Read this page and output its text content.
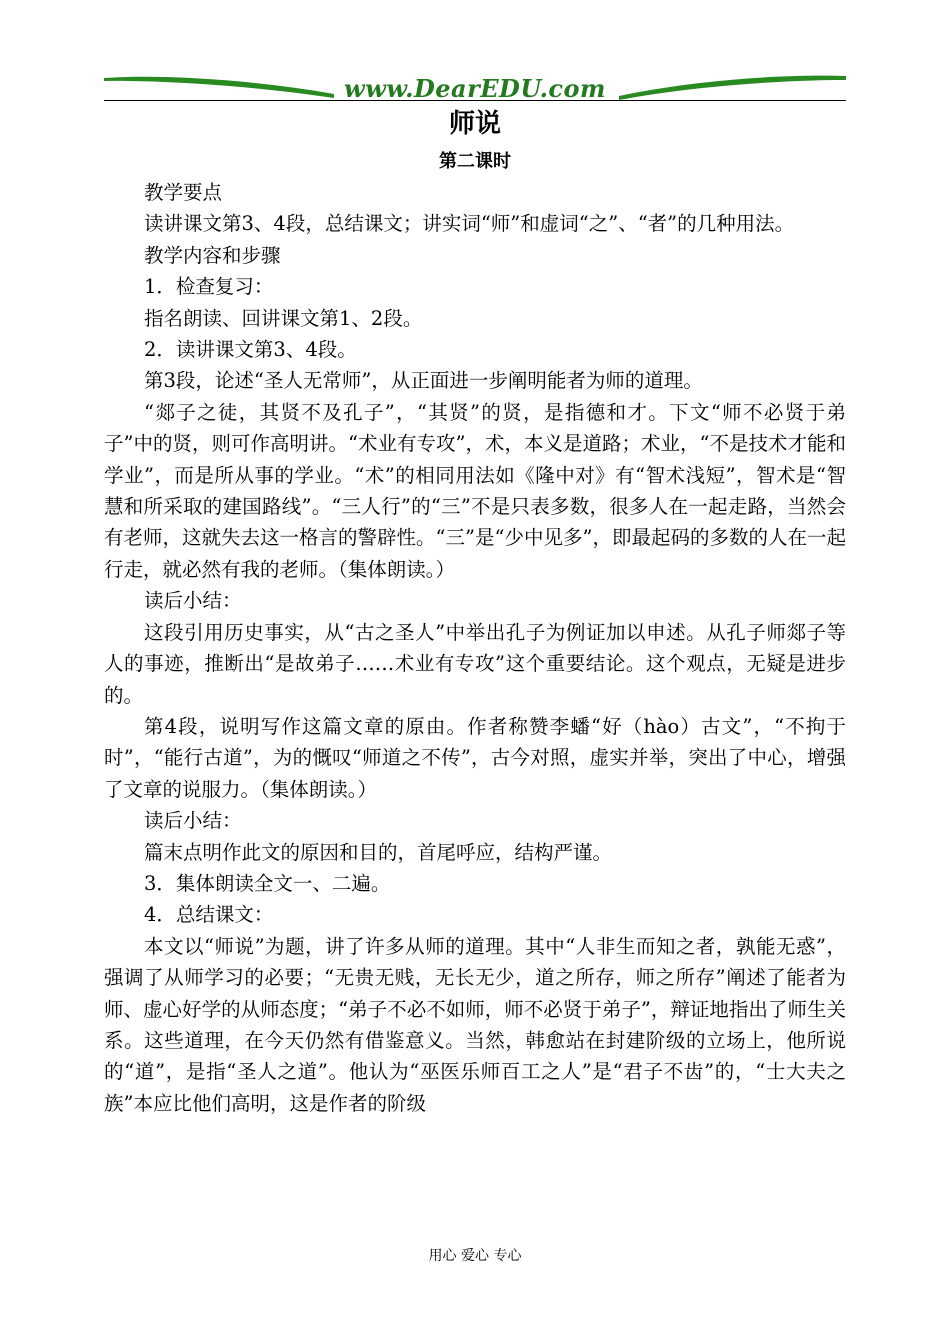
www.DearEDU.com
师说
第二课时

教学要点

读讲课文第3、4段，总结课文；讲实词“师”和虚词“之”、“者”的几种用法。

教学内容和步骤

1．检查复习：

指名朗读、回讲课文第1、2段。

2．读讲课文第3、4段。

第3段，论述“圣人无常师”，从正面进一步阐明能者为师的道理。

“郯子之徒，其贤不及孔子”，“其贤”的贤，是指德和才。下文“师不必贤于弟子”中的贤，则可作高明讲。“术业有专攻”，术，本义是道路；术业，“不是技术才能和学业”，而是所从事的学业。“术”的相同用法如《隆中对》有“智术浅短”，智术是“智慧和所采取的建国路线”。“三人行”的“三”不是只表多数，很多人在一起走路，当然会有老师，这就失去这一格言的警辟性。“三”是“少中见多”，即最起码的多数的人在一起行走，就必然有我的老师。（集体朗读。）

读后小结：

这段引用历史事实，从“古之圣人”中举出孔子为例证加以申述。从孔子师郯子等人的事迹，推断出“是故弟子……术业有专攻”这个重要结论。这个观点，无疑是进步的。

第4段，说明写作这篇文章的原由。作者称赞李蟠“好（hào）古文”，“不拘于时”，“能行古道”，为的慨叹“师道之不传”，古今对照，虚实并举，突出了中心，增强了文章的说服力。（集体朗读。）

读后小结：

篇末点明作此文的原因和目的，首尾呼应，结构严谨。

3．集体朗读全文一、二遍。

4．总结课文：

本文以“师说”为题，讲了许多从师的道理。其中“人非生而知之者，孰能无惑”，强调了从师学习的必要；“无贵无贱，无长无少，道之所存，师之所存”阐述了能者为师、虚心好学的从师态度；“弟子不必不如师，师不必贤于弟子”，辩证地指出了师生关系。这些道理，在今天仍然有借鉴意义。当然，韩愈站在封建阶级的立场上，他所说的“道”，是指“圣人之道”。他认为“巫医乐师百工之人”是“君子不齿”的，“士大夫之族”本应比他们高明，这是作者的阶级

用心 爱心 专心
